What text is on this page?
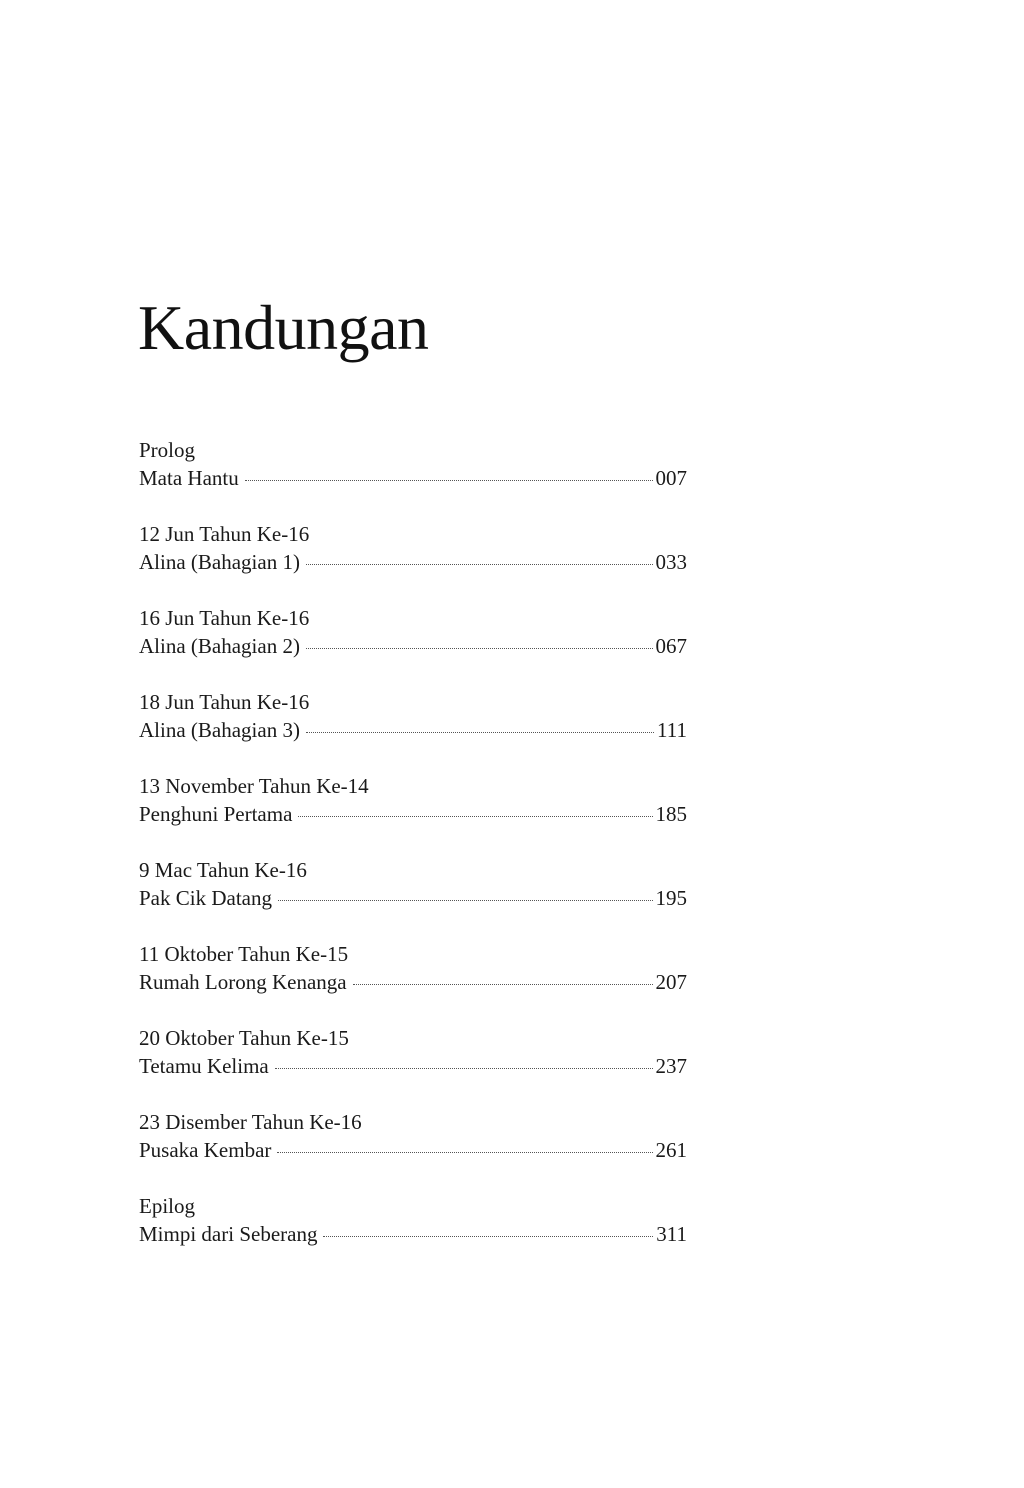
Kandungan
Prolog
Mata Hantu	007
12 Jun Tahun Ke-16
Alina (Bahagian 1)	033
16 Jun Tahun Ke-16
Alina (Bahagian 2)	067
18 Jun Tahun Ke-16
Alina (Bahagian 3)	111
13 November Tahun Ke-14
Penghuni Pertama	185
9 Mac Tahun Ke-16
Pak Cik Datang	195
11 Oktober Tahun Ke-15
Rumah Lorong Kenanga	207
20 Oktober Tahun Ke-15
Tetamu Kelima	237
23 Disember Tahun Ke-16
Pusaka Kembar	261
Epilog
Mimpi dari Seberang	311
